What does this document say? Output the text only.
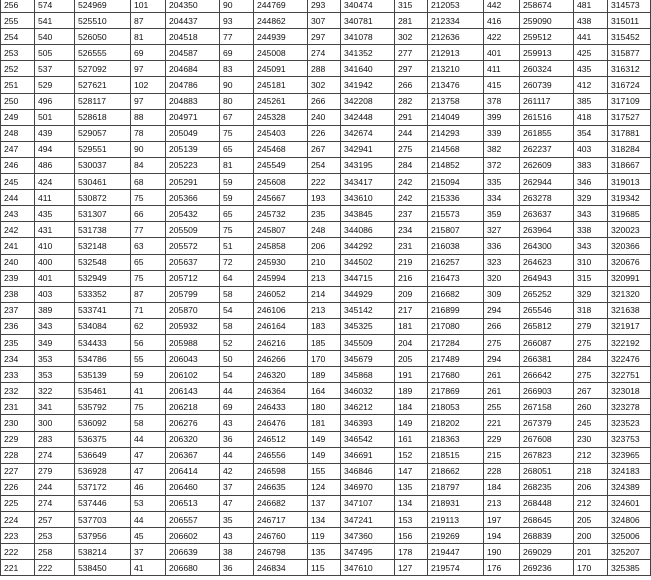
256	574	524969	101	204350	90	244769	293	340474	315	212053	442	258674	481	314573
255	541	525510	87	204437	93	244862	307	340781	281	212334	416	259090	438	315011
254	540	526050	81	204518	77	244939	297	341078	302	212636	422	259512	441	315452
253	505	526555	69	204587	69	245008	274	341352	277	212913	401	259913	425	315877
252	537	527092	97	204684	83	245091	288	341640	297	213210	411	260324	435	316312
251	529	527621	102	204786	90	245181	302	341942	266	213476	415	260739	412	316724
250	496	528117	97	204883	80	245261	266	342208	282	213758	378	261117	385	317109
249	501	528618	88	204971	67	245328	240	342448	291	214049	399	261516	418	317527
248	439	529057	78	205049	75	245403	226	342674	244	214293	339	261855	354	317881
247	494	529551	90	205139	65	245468	267	342941	275	214568	382	262237	403	318284
246	486	530037	84	205223	81	245549	254	343195	284	214852	372	262609	383	318667
245	424	530461	68	205291	59	245608	222	343417	242	215094	335	262944	346	319013
244	411	530872	75	205366	59	245667	193	343610	242	215336	334	263278	329	319342
243	435	531307	66	205432	65	245732	235	343845	237	215573	359	263637	343	319685
242	431	531738	77	205509	75	245807	248	344086	234	215807	327	263964	338	320023
241	410	532148	63	205572	51	245858	206	344292	231	216038	336	264300	343	320366
240	400	532548	65	205637	72	245930	210	344502	219	216257	323	264623	310	320676
239	401	532949	75	205712	64	245994	213	344715	216	216473	320	264943	315	320991
238	403	533352	87	205799	58	246052	214	344929	209	216682	309	265252	329	321320
237	389	533741	71	205870	54	246106	213	345142	217	216899	294	265546	318	321638
236	343	534084	62	205932	58	246164	183	345325	181	217080	266	265812	279	321917
235	349	534433	56	205988	52	246216	185	345509	204	217284	275	266087	275	322192
234	353	534786	55	206043	50	246266	170	345679	205	217489	294	266381	284	322476
233	353	535139	59	206102	54	246320	189	345868	191	217680	261	266642	275	322751
232	322	535461	41	206143	44	246364	164	346032	189	217869	261	266903	267	323018
231	341	535792	75	206218	69	246433	180	346212	184	218053	255	267158	260	323278
230	300	536092	58	206276	43	246476	181	346393	149	218202	221	267379	245	323523
229	283	536375	44	206320	36	246512	149	346542	161	218363	229	267608	230	323753
228	274	536649	47	206367	44	246556	149	346691	152	218515	215	267823	212	323965
227	279	536928	47	206414	42	246598	155	346846	147	218662	228	268051	218	324183
226	244	537172	46	206460	37	246635	124	346970	135	218797	184	268235	206	324389
225	274	537446	53	206513	47	246682	137	347107	134	218931	213	268448	212	324601
224	257	537703	44	206557	35	246717	134	347241	153	219113	197	268645	205	324806
223	253	537956	45	206602	43	246760	119	347360	156	219269	194	268839	200	325006
222	258	538214	37	206639	38	246798	135	347495	178	219447	190	269029	201	325207
221	222	538450	41	206680	36	246834	115	347610	127	219574	176	269236	170	325385
